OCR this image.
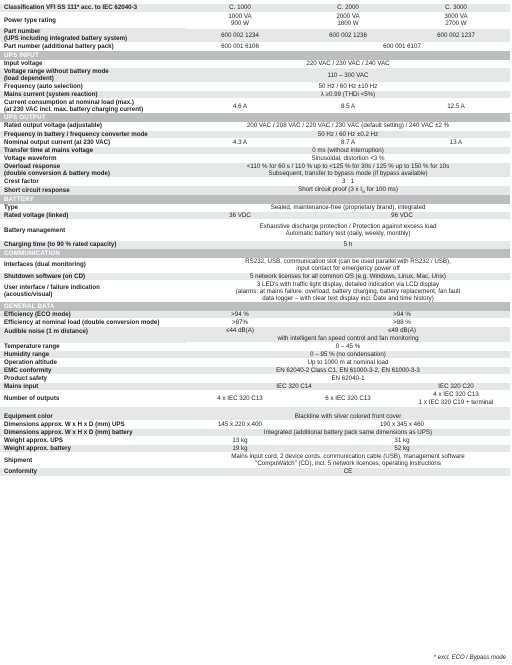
Classification VFI SS 111* acc. to IEC 62040-3	C. 1000	C. 2000	C. 3000
Power type rating	1000 VA	2000 VA	3000 VA
	900 W	1800 W	2700 W
Part number
(UPS including integrated battery system)	600 002 1234	600 002 1236	600 002 1237
Part number (additional battery pack)	600 001 6106	600 001 6107	
UPS INPUT			
Input voltage	220 VAC / 230 VAC / 240 VAC		
Voltage range without battery mode
(load dependent)	110 – 300 VAC		
Frequency (auto selection)	50 Hz / 60 Hz ±10 Hz		
Mains current (system reaction)	λ ≥0.99 (THDi <5%)		
Current consumption at nominal load (max.)
(at 230 VAC incl. max. battery charging current)	4.6 A	8.5 A	12.5 A
UPS OUTPUT			
Rated output voltage (adjustable)	200 VAC / 208 VAC / 220 VAC / 230 VAC (default setting) / 240 VAC ±2 %		
Frequency in battery / frequency converter mode	50 Hz / 60 Hz ±0.2 Hz		
Nominal output current (at 230 VAC)	4.3 A	8.7 A	13 A
Transfer time at mains voltage	0 ms (without interruption)		
Voltage waveform	Sinusoidal, distortion <3 %		
Overload response
(double conversion & battery mode)	<110 % for 60 s / 110 % up to <125 % for 30s / 125 % up to 150 % for 10s
Subsequent, transfer to bypass mode (if bypass available)		
Crest factor	3 : 1		
Short circuit response	Short circuit proof (3 x $I_N$ for 100 ms)		
BATTERY			
Type	Sealed, maintenance-free (proprietary brand), integrated		
Rated voltage (linked)	36 VDC	96 VDC	
Battery management	Exhaustive discharge protection / Protection against excess load
Automatic battery test (daily, weekly, monthly)		
Charging time (to 90 % rated capacity)	5 h		
COMMUNICATION			
Interfaces (dual monitoring)	RS232, USB, communication slot (can be used parallel with RS232 / USB),
input contact for emergency power off		
Shutdown software (on CD)	5 network licenses for all common OS (e.g. Windows, Linux, Mac, Unix)		
User interface / failure indication
(acoustic/visual)	3 LED's with traffic light display, detailed indication via LCD display
(alarms: at mains failure, overload, battery charging, battery replacement, fan fault
data logger – with clear text display incl. Date and time history)		
GENERAL DATA			
Efficiency (ECO mode)	>94 %	>94 %	
Efficiency at nominal load (double conversion mode)	>87%	>88 %	
Audible noise (1 m distance)	≤44 dB(A)	≤49 dB(A)	
	with intelligent fan speed control and fan monitoring		
Temperature range	0 – 45 %		
Humidity range	0 – 95 % (no condensation)		
Operation altitude	Up to 1000 m at nominal load		
EMC conformity	EN 62040-2 Class C1, EN 61000-3-2, EN 61000-3-3		
Product safety	EN 62040-1		
Mains input	IEC 320 C14		IEC 320 C20
Number of outputs	4 x IEC 320 C13	6 x IEC 320 C13	4 x IEC 320 C13
			1 x IEC 320 C19 + terminal
Equipment color	Blackline with silver colored front cover		
Dimensions approx. W x H x D (mm) UPS	145 x 220 x 400	190 x 345 x 460	
Dimensions approx. W x H x D (mm) battery	Integrated (additional battery pack same dimensions as UPS)		
Weight approx. UPS	13 kg	31 kg	
Weight approx. battery	19 kg	52 kg	
Shipment	Mains input cord, 2 device cords, communication cable (USB), management software
"CompuWatch" (CD), incl. 5 network licences, operating instructions		
Conformity	CE		
* excl. ECO / Bypass mode
